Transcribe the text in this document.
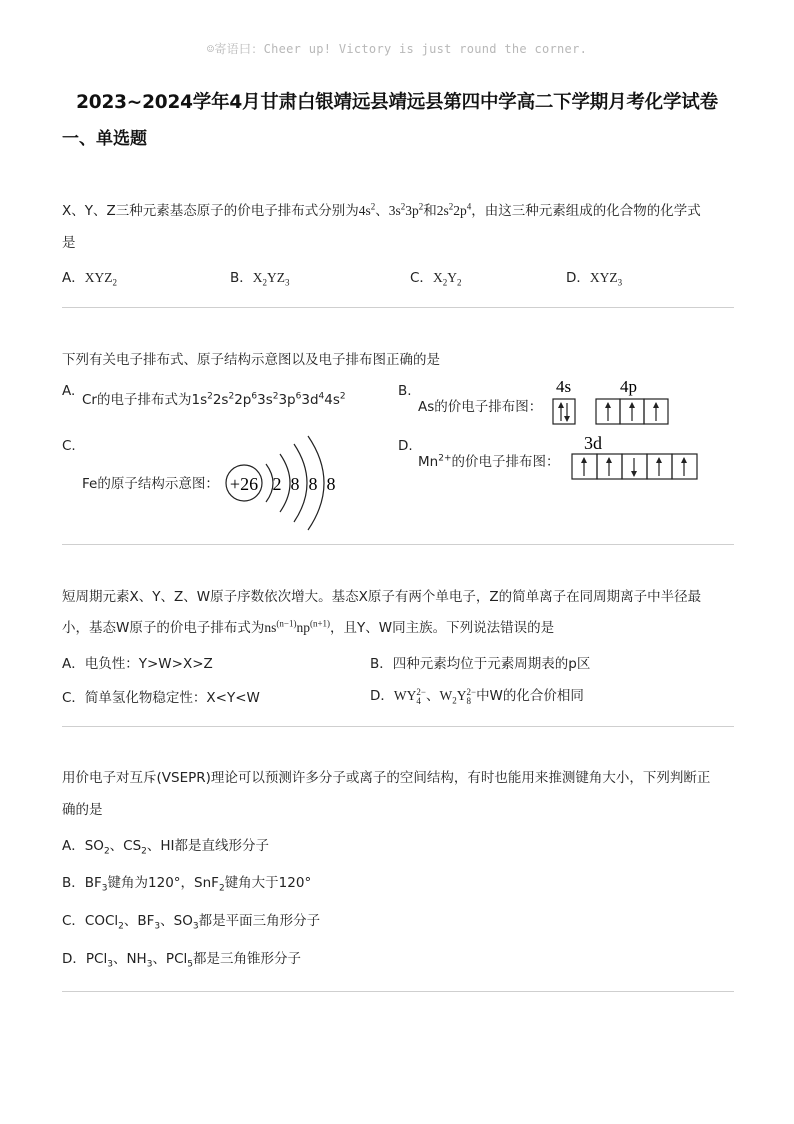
☺寄语曰：Cheer up! Victory is just round the corner.
2023~2024学年4月甘肃白银靖远县靖远县第四中学高二下学期月考化学试卷
一、单选题
X、Y、Z三种元素基态原子的价电子排布式分别为$4s^2$、$3s^23p^2$和$2s^22p^4$，由这三种元素组成的化合物的化学式
是
A．$XYZ_2$	B．$X_2YZ_3$	C．$X_2Y_2$	D．$XYZ_3$
下列有关电子排布式、原子结构示意图以及电子排布图正确的是
A.
Cr的电子排布式为$1s^22s^22p^63s^23p^63d^44s^2$	B.
As的价电子排布图：
4s	4p
C.
Fe的原子结构示意图： +26 2 8 8 8
D.
$Mn^{2+}$的价电子排布图：
3d
短周期元素X、Y、Z、W原子序数依次增大。基态X原子有两个单电子，Z的简单离子在同周期离子中半径最
小，基态W原子的价电子排布式为$ns^{(n-1)}np^{(n+1)}$，且Y、W同主族。下列说法错误的是
A．电负性：Y>W>X>Z	B．四种元素均位于元素周期表的p区
C．简单氢化物稳定性：X<Y<W	D．WY 2−
4 、$W_2Y$ 2−
8 中W的化合价相同
用价电子对互斥(VSEPR)理论可以预测许多分子或离子的空间结构，有时也能用来推测键角大小，下列判断正
确的是
A．$SO_2$、$CS_2$、HI都是直线形分子
B．$BF_3$键角为120°，SnF$_2$键角大于120°
C．COCl$_2$、$BF_3$、$SO_3$都是平面三角形分子
D．PCl$_3$、$NH_3$、PCl$_5$都是三角锥形分子
